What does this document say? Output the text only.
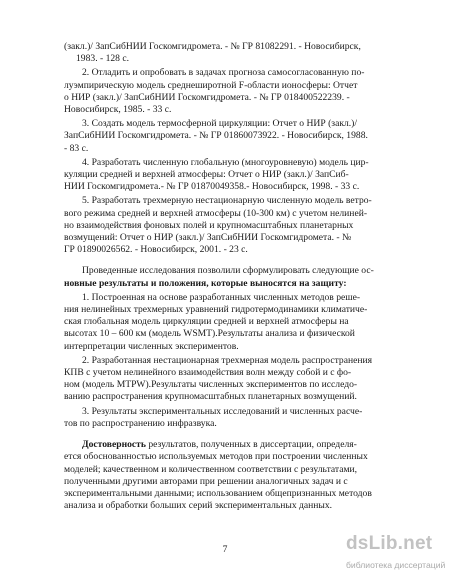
(закл.)/ ЗапСибНИИ Госкомгидромета. - № ГР 81082291. - Новосибирск,
1983. - 128 с.
2. Отладить и опробовать в задачах прогноза самосогласованную по-
луэмпирическую модель среднеширотной F-области ионосферы: Отчет
о НИР (закл.)/ ЗапСибНИИ Госкомгидромета. - № ГР 018400522239. -
Новосибирск, 1985. - 33 с.
3. Создать модель термосферной циркуляции: Отчет о НИР (закл.)/
ЗапСибНИИ Госкомгидромета. - № ГР 01860073922. - Новосибирск, 1988.
- 83 с.
4. Разработать численную глобальную (многоуровневую) модель цир-
куляции средней и верхней атмосферы: Отчет о НИР (закл.)/ ЗапСиб-
НИИ Госкомгидромета.- № ГР 01870049358.- Новосибирск, 1998. - 33 с.
5. Разработать трехмерную нестационарную численную модель ветро-
вого режима средней и верхней атмосферы (10-300 км) с учетом нелиней-
но взаимодействия фоновых полей и крупномасштабных планетарных
возмущений: Отчет о НИР (закл.)/ ЗапСибНИИ Госкомгидромета. - №
ГР 01890026562. - Новосибирск, 2001. - 23 с.
Проведенные исследования позволили сформулировать следующие ос-
новные результаты и положения, которые выносятся на защиту:
1. Построенная на основе разработанных численных методов реше-
ния нелинейных трехмерных уравнений гидротермодинамики климатиче-
ская глобальная модель циркуляции средней и верхней атмосферы на
высотах 10 – 600 км (модель WSMT).Результаты анализа и физической
интерпретации численных экспериментов.
2. Разработанная нестационарная трехмерная модель распространения
КПВ с учетом нелинейного взаимодействия волн между собой и с фо-
ном (модель MTPW).Результаты численных экспериментов по исследо-
ванию распространения крупномасштабных планетарных возмущений.
3. Результаты экспериментальных исследований и численных расче-
тов по распространению инфразвука.
Достоверность результатов, полученных в диссертации, определя-
ется обоснованностью используемых методов при построении численных
моделей; качественном и количественном соответствии с результатами,
полученными другими авторами при решении аналогичных задач и с
экспериментальными данными; использованием общепризнанных методов
анализа и обработки больших серий экспериментальных данных.
7	dsLib.net
библиотека диссертаций
